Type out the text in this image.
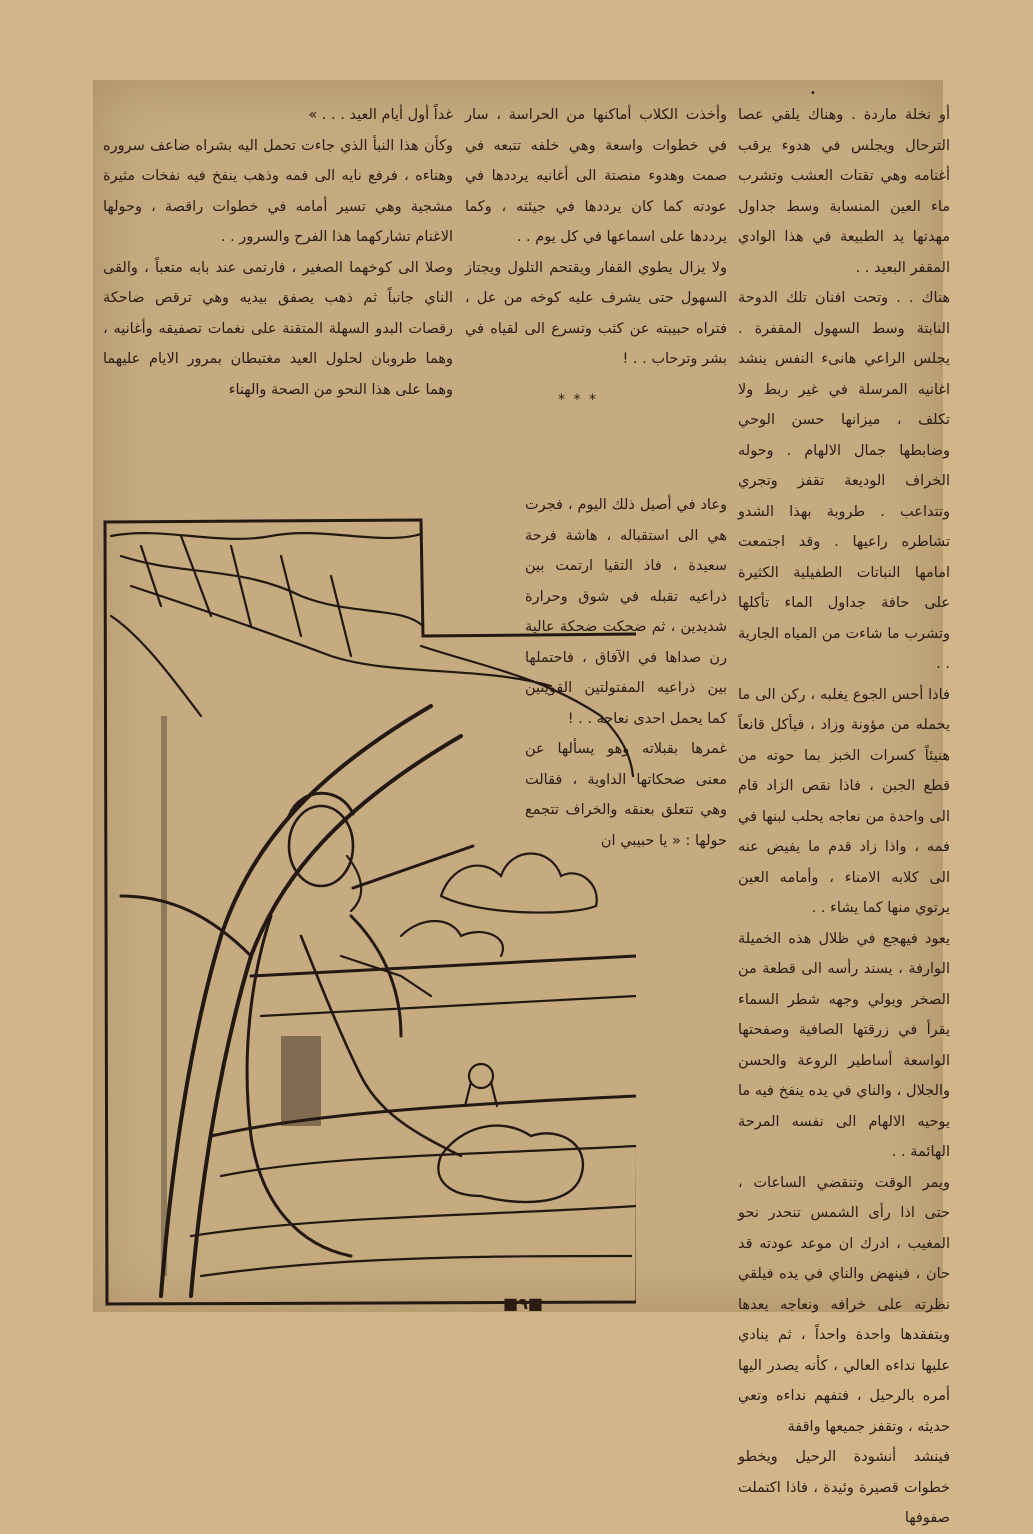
•
أو نخلة ماردة . وهناك يلقي عصا الترحال ويجلس في هدوء يرقب أغنامه وهي تقتات العشب وتشرب ماء العين المنسابة وسط جداول مهدتها يد الطبيعة في هذا الوادي المقفر البعيد . .
هناك . . وتحت افنان تلك الدوحة النابتة وسط السهول المقفرة . يجلس الراعي هانىء النفس ينشد اغانيه المرسلة في غير ربط ولا تكلف ، ميزانها حسن الوحي وضابطها جمال الالهام . وحوله الخراف الوديعة تقفز وتجري وتتداعب . طروبة بهذا الشدو تشاطره راعيها . وقد اجتمعت امامها النباتات الطفيلية الكثيرة على حافة جداول الماء تأكلها وتشرب ما شاءت من المياه الجارية . .
فاذا أحس الجوع يغلبه ، ركن الى ما يحمله من مؤونة وزاد ، فيأكل قانعاً هنيئاً كسرات الخبز بما حوته من قطع الجبن ، فاذا نقص الزاد قام الى واحدة من نعاجه يحلب لبنها في فمه ، واذا زاد قدم ما يفيض عنه الى كلابه الامناء ، وأمامه العين يرتوي منها كما يشاء . .
يعود فيهجع في ظلال هذه الخميلة الوارفة ، يسند رأسه الى قطعة من الصخر ويولي وجهه شطر السماء يقرأ في زرقتها الصافية وصفحتها الواسعة أساطير الروعة والحسن والجلال ، والناي في يده ينفخ فيه ما يوحيه الالهام الى نفسه المرحة الهائمة . .
ويمر الوقت وتنقضي الساعات ، حتى اذا رأى الشمس تنحدر نحو المغيب ، ادرك ان موعد عودته قد حان ، فينهض والناي في يده فيلقي نظرته على خرافه ونعاجه يعدها ويتفقدها واحدة واحداً ، ثم ينادي عليها نداءه العالي ، كأنه يصدر اليها أمره بالرحيل ، فتفهم نداءه وتعي حديثه ، وتقفز جميعها واقفة
فينشد أنشودة الرحيل ويخطو خطوات قصيرة وئيدة ، فاذا اكتملت صفوفها
وأخذت الكلاب أماكنها من الحراسة ، سار في خطوات واسعة وهي خلفه تتبعه في صمت وهدوء منصتة الى أغانيه يرددها في عودته كما كان يرددها في جيئته ، وكما يرددها على اسماعها في كل يوم . .
ولا يزال يطوي القفار ويقتحم التلول ويجتاز السهول حتى يشرف عليه كوخه من عل ، فتراه حبيبته عن كثب وتسرع الى لقياه في بشر وترحاب . . !
* * *
وعاد في أصيل ذلك اليوم ، فجرت هي الى استقباله ، هاشة فرحة سعيدة ، فاذ التقيا ارتمت بين ذراعيه تقبله في شوق وحرارة شديدين ، ثم ضحكت ضحكة عالية رن صداها في الآفاق ، فاحتملها بين ذراعيه المفتولتين القويتين كما يحمل احدى نعاجه . . !
غمرها بقبلاته وهو يسألها عن معنى ضحكاتها الداوية ، فقالت وهي تتعلق بعنقه والخراف تتجمع حولها : « يا حبيبي ان
غداً أول أيام العيد . . . »
وكأن هذا النبأ الذي جاءت تحمل اليه بشراه ضاعف سروره وهناءه ، فرفع نايه الى فمه وذهب ينفخ فيه نفخات مثيرة مشجية وهي تسير أمامه في خطوات راقصة ، وحولها الاغنام تشاركهما هذا الفرح والسرور . .
وصلا الى كوخهما الصغير ، فارتمى عند بابه متعباً ، والقى الناي جانباً ثم ذهب يصفق بيديه وهي ترقص ضاحكة رقصات البدو السهلة المتقنة على نغمات تصفيقه وأغانيه ، وهما طروبان لحلول العيد مغتبطان بمرور الايام عليهما وهما على هذا النحو من الصحة والهناء
■٩■
